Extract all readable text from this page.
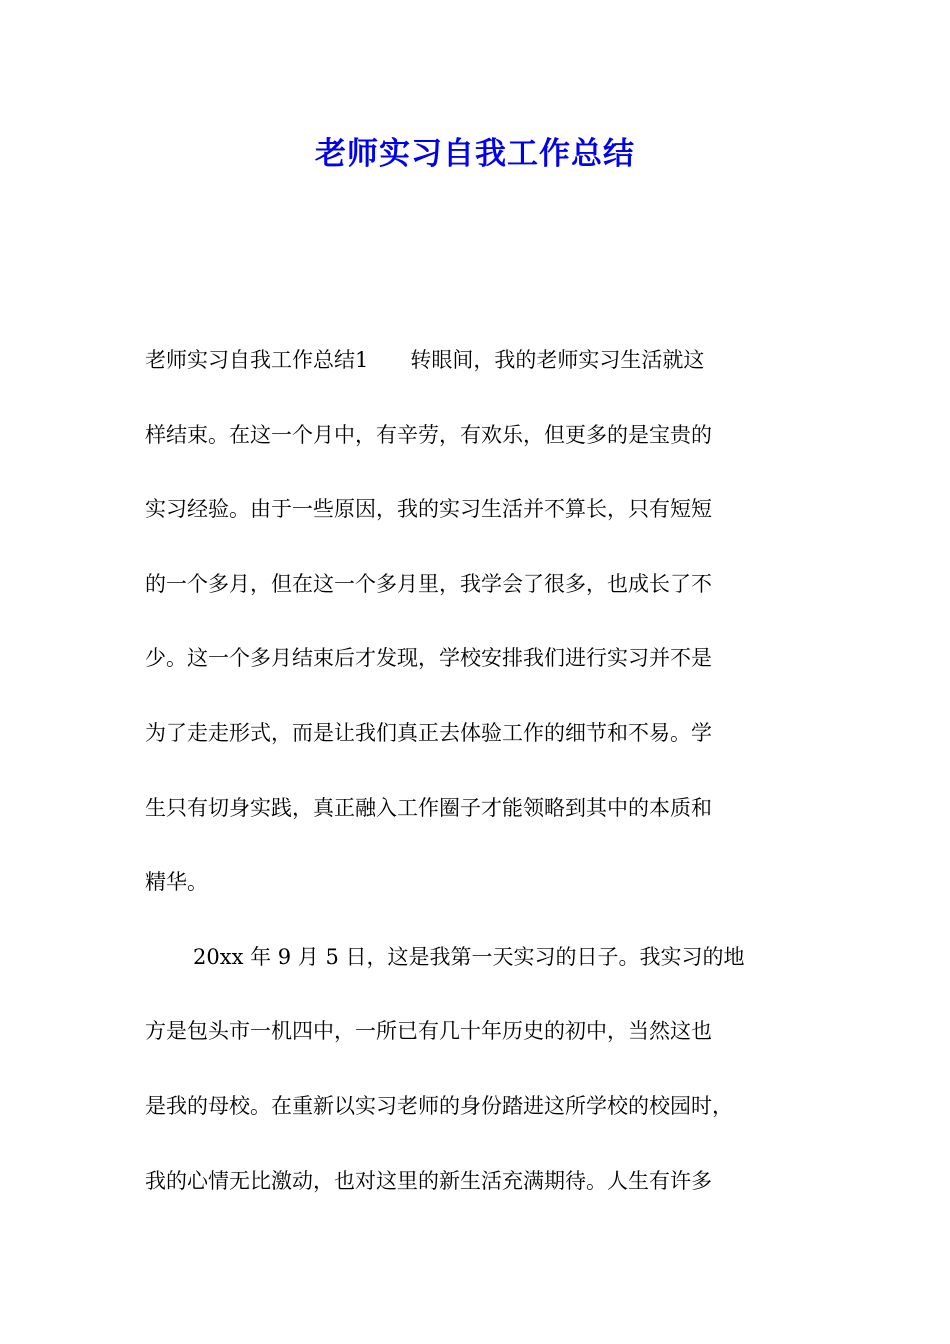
老师实习自我工作总结
老师实习自我工作总结1　　转眼间，我的老师实习生活就这
样结束。在这一个月中，有辛劳，有欢乐，但更多的是宝贵的
实习经验。由于一些原因，我的实习生活并不算长，只有短短
的一个多月，但在这一个多月里，我学会了很多，也成长了不
少。这一个多月结束后才发现，学校安排我们进行实习并不是
为了走走形式，而是让我们真正去体验工作的细节和不易。学
生只有切身实践，真正融入工作圈子才能领略到其中的本质和
精华。
20xx 年 9 月 5 日，这是我第一天实习的日子。我实习的地
方是包头市一机四中，一所已有几十年历史的初中，当然这也
是我的母校。在重新以实习老师的身份踏进这所学校的校园时，
我的心情无比激动，也对这里的新生活充满期待。人生有许多
